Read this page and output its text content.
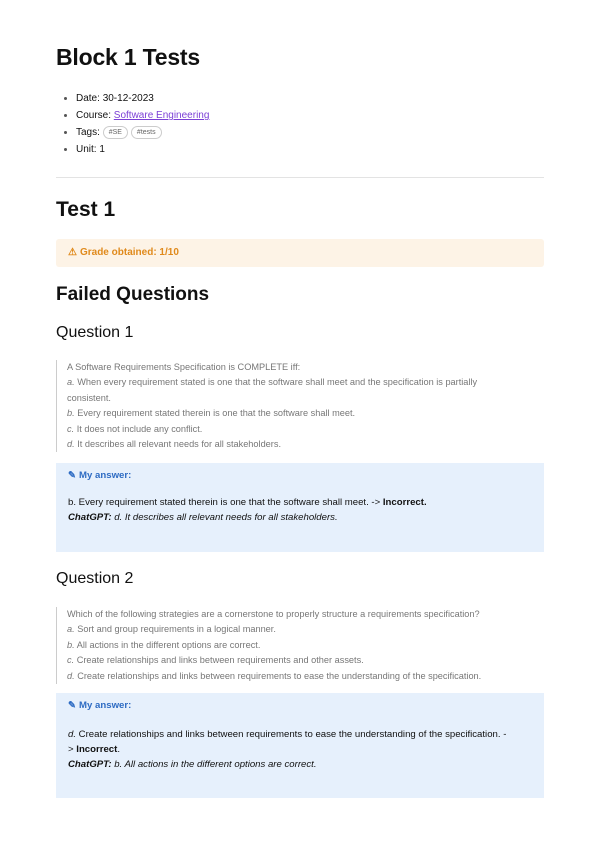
Block 1 Tests
Date: 30-12-2023
Course: Software Engineering
Tags: #SE #tests
Unit: 1
Test 1
⚠ Grade obtained: 1/10
Failed Questions
Question 1
A Software Requirements Specification is COMPLETE iff:
a. When every requirement stated is one that the software shall meet and the specification is partially
consistent.
b. Every requirement stated therein is one that the software shall meet.
c. It does not include any conflict.
d. It describes all relevant needs for all stakeholders.
✎ My answer:
b. Every requirement stated therein is one that the software shall meet. -> Incorrect.
ChatGPT: d. It describes all relevant needs for all stakeholders.
Question 2
Which of the following strategies are a cornerstone to properly structure a requirements specification?
a. Sort and group requirements in a logical manner.
b. All actions in the different options are correct.
c. Create relationships and links between requirements and other assets.
d. Create relationships and links between requirements to ease the understanding of the specification.
✎ My answer:
d. Create relationships and links between requirements to ease the understanding of the specification. -
> Incorrect.
ChatGPT: b. All actions in the different options are correct.
